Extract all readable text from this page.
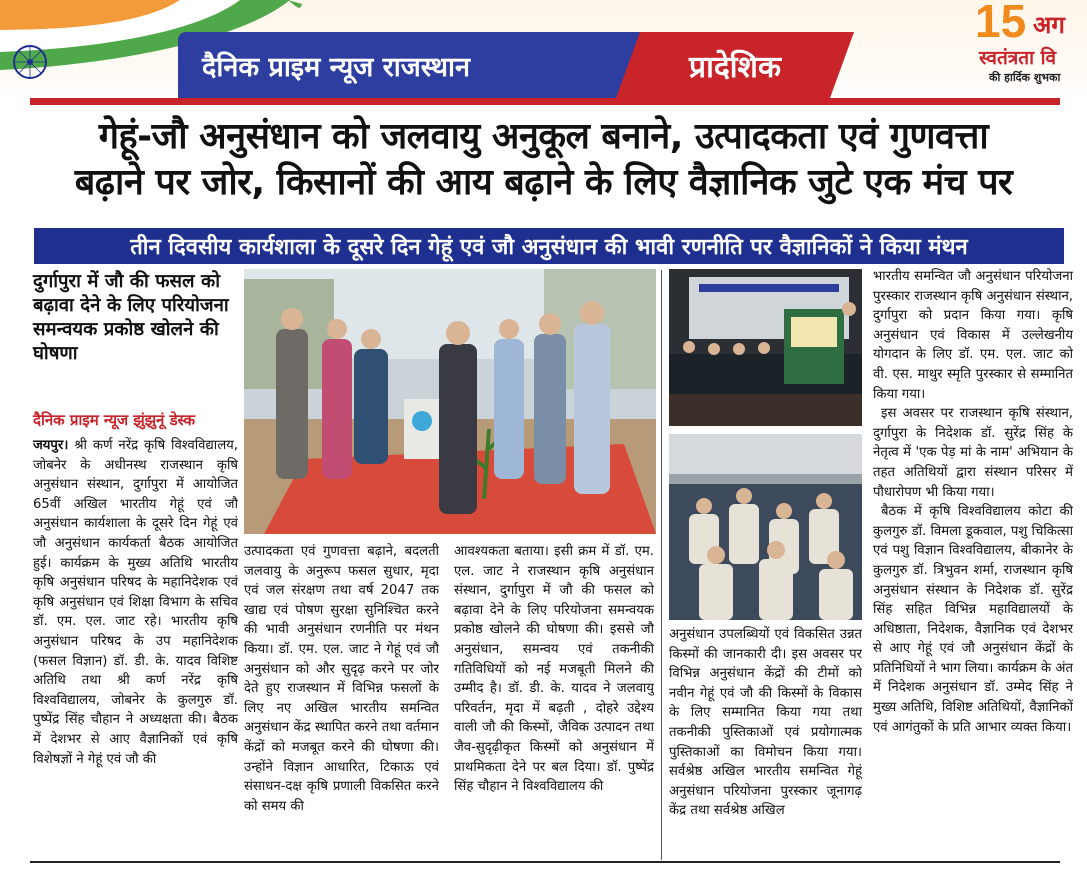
दैनिक प्राइम न्यूज राजस्थान	प्रादेशिक
15 अग
स्वतंत्रता वि
की हार्दिक शुभका
गेहूं-जौ अनुसंधान को जलवायु अनुकूल बनाने, उत्पादकता एवं गुणवत्ता
बढ़ाने पर जोर, किसानों की आय बढ़ाने के लिए वैज्ञानिक जुटे एक मंच पर
तीन दिवसीय कार्यशाला के दूसरे दिन गेहूं एवं जौ अनुसंधान की भावी रणनीति पर वैज्ञानिकों ने किया मंथन
दुर्गापुरा में जौ की फसल को बढ़ावा देने के लिए परियोजना समन्वयक प्रकोष्ठ खोलने की घोषणा
दैनिक प्राइम न्यूज झुंझुनूं डेस्क

जयपुर। श्री कर्ण नरेंद्र कृषि विश्वविद्यालय, जोबनेर के अधीनस्थ राजस्थान कृषि अनुसंधान संस्थान, दुर्गापुरा में आयोजित 65वीं अखिल भारतीय गेहूं एवं जौ अनुसंधान कार्यशाला के दूसरे दिन गेहूं एवं जौ अनुसंधान कार्यकर्ता बैठक आयोजित हुई। कार्यक्रम के मुख्य अतिथि भारतीय कृषि अनुसंधान परिषद के महानिदेशक एवं कृषि अनुसंधान एवं शिक्षा विभाग के सचिव डॉ. एम. एल. जाट रहे। भारतीय कृषि अनुसंधान परिषद के उप महानिदेशक (फसल विज्ञान) डॉ. डी. के. यादव विशिष्ट अतिथि तथा श्री कर्ण नरेंद्र कृषि विश्वविद्यालय, जोबनेर के कुलगुरु डॉ. पुष्पेंद्र सिंह चौहान ने अध्यक्षता की। बैठक में देशभर से आए वैज्ञानिकों एवं कृषि विशेषज्ञों ने गेहूं एवं जौ की

उत्पादकता एवं गुणवत्ता बढ़ाने, बदलती जलवायु के अनुरूप फसल सुधार, मृदा एवं जल संरक्षण तथा वर्ष 2047 तक खाद्य एवं पोषण सुरक्षा सुनिश्चित करने की भावी अनुसंधान रणनीति पर मंथन किया। डॉ. एम. एल. जाट ने गेहूं एवं जौ अनुसंधान को और सुदृढ़ करने पर जोर देते हुए राजस्थान में विभिन्न फसलों के लिए नए अखिल भारतीय समन्वित अनुसंधान केंद्र स्थापित करने तथा वर्तमान केंद्रों को मजबूत करने की घोषणा की। उन्होंने विज्ञान आधारित, टिकाऊ एवं संसाधन-दक्ष कृषि प्रणाली विकसित करने को समय की

आवश्यकता बताया। इसी क्रम में डॉ. एम. एल. जाट ने राजस्थान कृषि अनुसंधान संस्थान, दुर्गापुरा में जौ की फसल को बढ़ावा देने के लिए परियोजना समन्वयक प्रकोष्ठ खोलने की घोषणा की। इससे जौ अनुसंधान, समन्वय एवं तकनीकी गतिविधियों को नई मजबूती मिलने की उम्मीद है। डॉ. डी. के. यादव ने जलवायु परिवर्तन, मृदा में बढ़ती , दोहरे उद्देश्य वाली जौ की किस्मों, जैविक उत्पादन तथा जैव-सुदृढ़ीकृत किस्मों को अनुसंधान में प्राथमिकता देने पर बल दिया। डॉ. पुष्पेंद्र सिंह चौहान ने विश्वविद्यालय की

अनुसंधान उपलब्धियों एवं विकसित उन्नत किस्मों की जानकारी दी। इस अवसर पर विभिन्न अनुसंधान केंद्रों की टीमों को नवीन गेहूं एवं जौ की किस्मों के विकास के लिए सम्मानित किया गया तथा तकनीकी पुस्तिकाओं एवं प्रयोगात्मक पुस्तिकाओं का विमोचन किया गया। सर्वश्रेष्ठ अखिल भारतीय समन्वित गेहूं अनुसंधान परियोजना पुरस्कार जूनागढ़ केंद्र तथा सर्वश्रेष्ठ अखिल

भारतीय समन्वित जौ अनुसंधान परियोजना पुरस्कार राजस्थान कृषि अनुसंधान संस्थान, दुर्गापुरा को प्रदान किया गया। कृषि अनुसंधान एवं विकास में उल्लेखनीय योगदान के लिए डॉ. एम. एल. जाट को वी. एस. माथुर स्मृति पुरस्कार से सम्मानित किया गया।

इस अवसर पर राजस्थान कृषि संस्थान, दुर्गापुरा के निदेशक डॉ. सुरेंद्र सिंह के नेतृत्व में 'एक पेड़ मां के नाम' अभियान के तहत अतिथियों द्वारा संस्थान परिसर में पौधारोपण भी किया गया।

बैठक में कृषि विश्वविद्यालय कोटा की कुलगुरु डॉ. विमला डूकवाल, पशु चिकित्सा एवं पशु विज्ञान विश्वविद्यालय, बीकानेर के कुलगुरु डॉ. त्रिभुवन शर्मा, राजस्थान कृषि अनुसंधान संस्थान के निदेशक डॉ. सुरेंद्र सिंह सहित विभिन्न महाविद्यालयों के अधिष्ठाता, निदेशक, वैज्ञानिक एवं देशभर से आए गेहूं एवं जौ अनुसंधान केंद्रों के प्रतिनिधियों ने भाग लिया। कार्यक्रम के अंत में निदेशक अनुसंधान डॉ. उम्मेद सिंह ने मुख्य अतिथि, विशिष्ट अतिथियों, वैज्ञानिकों एवं आगंतुकों के प्रति आभार व्यक्त किया।
